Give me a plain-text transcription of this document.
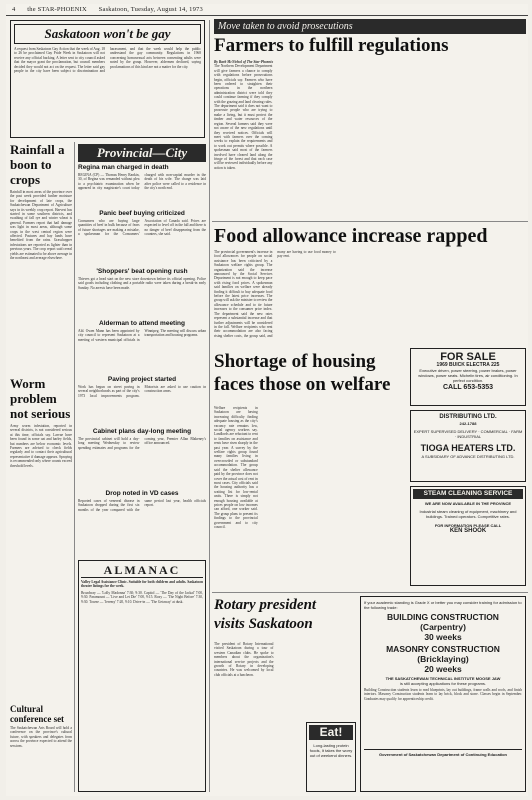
4 the STAR-PHOENIX Saskatoon, Tuesday, August 14, 1973
Saskatoon won't be gay
A request from Saskatoon Gay Action that the week of Aug. 18 to 26 be proclaimed Gay Pride Week in Saskatoon will not receive any official backing. A letter sent to city council asked that the mayor grant the proclamation, but council members decided they would not act on the request. The letter said gay people in the city have been subject to discrimination and harassment, and that the week would help the public understand the gay community. Regulations in 1968 concerning homosexual acts between consenting adults were noted by the group. However, aldermen declined, saying proclamations of this kind are not a matter for the city.
Rainfall a boon to crops
Rainfall in most areas of the province over the past week provided further moisture for development of late crops, the Saskatchewan Department of Agriculture says in its weekly crop report. Harvest has started in some southern districts, and swathing of fall rye and winter wheat is general. Farmers report that hail damage was light in most areas, although some crops in the west central region were affected. Pastures and hay lands have benefited from the rains. Grasshopper infestations are reported as lighter than in previous years. The crop report said cereal yields are estimated to be above average in the northeast and average elsewhere.
Worm problem not serious
Army worm infestation, reported in several districts, is not considered serious at this time, officials say. Larvae have been found in some oat and barley fields, but numbers are below economic levels. Farmers are advised to check fields regularly and to contact their agricultural representative if damage appears. Spraying is recommended only where counts exceed threshold levels.
Cultural conference set
The Saskatchewan Arts Board will hold a conference on the province's cultural future, with speakers and delegates from across the province expected to attend the sessions.
Provincial—City
Regina man charged in death
REGINA (CP) — Thomas Henry Rankin, 30, of Regina was remanded without plea to a psychiatric examination when he appeared in city magistrate's court today charged with non-capital murder in the death of his wife. The charge was laid after police were called to a residence in the city's north end.
Panic beef buying criticized
Consumers who are buying large quantities of beef in bulk because of fears of future shortages are making a mistake, a spokesman for the Consumers' Association of Canada said. Prices are expected to level off in the fall and there is no danger of beef disappearing from the counters, she said.
'Shoppers' beat opening rush
Thieves got a head start on the new store downtown before its official opening. Police said goods including clothing and a portable radio were taken during a break-in early Sunday. No arrests have been made.
Alderman to attend meeting
Ald. Owen Mann has been appointed by city council to represent Saskatoon at a meeting of western municipal officials in Winnipeg. The meeting will discuss urban transportation and housing programs.
Paving project started
Work has begun on street paving in several neighborhoods as part of the city's 1973 local improvements program. Motorists are asked to use caution in construction areas.
Cabinet plans day-long meeting
The provincial cabinet will hold a day-long meeting Wednesday to review spending estimates and programs for the coming year, Premier Allan Blakeney's office announced.
Drop noted in VD cases
Reported cases of venereal disease in Saskatoon dropped during the first six months of the year compared with the same period last year, health officials report.
ALMANAC
Valley Legal Assistance Clinic. Suitable for both children and adults. Saskatoon theatre listings for the week.
Broadway — 'Lolly Madonna' 7:30; 9:30. Capitol — 'The Day of the Jackal' 7:00, 9:30. Paramount — 'Live and Let Die' 7:00, 9:15. Roxy — 'The Night Before' 7:30, 9:30. Towne — 'Jeremy' 7:20, 9:10. Drive-in — 'The Getaway' at dusk.
Move taken to avoid prosecutions
Farmers to fulfill regulations
By Barb McNichol of The Star-Phoenix
The Northern Development Department will give farmers a chance to comply with regulations before prosecutions begin, officials say. Farmers who have been ordered to straighten their operations in the northern administration district were told they could continue farming if they comply with the grazing and land clearing rules. The department said it does not want to prosecute people who are trying to make a living, but it must protect the timber and water resources of the region. Several farmers said they were not aware of the new regulations until they received notices. Officials will meet with farmers over the coming weeks to explain the requirements and to work out permits where possible. A spokesman said most of the farmers involved have cleared land along the fringe of the forest and that each case will be reviewed individually before any action is taken.
Food allowance increase rapped
The provincial government's increase in food allowances for people on social assistance has been criticized by a Saskatoon welfare rights group. The organization said the increase announced by the Social Services Department is not enough to keep pace with rising food prices. A spokesman said families on welfare were already finding it difficult to buy adequate food before the latest price increases. The group will ask the minister to review the allowance schedule and to tie future increases to the consumer price index. The department said the new rates represent a substantial increase and that further adjustments will be considered in the fall. Welfare recipients who rent their accommodation are also facing rising shelter costs, the group said, and many are having to use food money to pay rent.
Shortage of housing faces those on welfare
Welfare recipients in Saskatoon are having increasing difficulty finding adequate housing as the city's vacancy rate remains low, social agency workers say. Landlords are reluctant to rent to families on assistance and rents have risen sharply in the past year. A survey by the welfare rights group found many families living in overcrowded or substandard accommodation. The group said the shelter allowance paid by the province does not cover the actual cost of rent in most cases. City officials said the housing authority has a waiting list for low-rental units. There is simply not enough housing available at prices people on low incomes can afford, one worker said. The group plans to present its findings to the provincial government and to city council.
FOR SALE
1969 BUICK ELECTRA 225
Executive driven, power steering, power brakes, power windows, power seats. Michelin tires, air conditioning. In perfect condition.
CALL 653-5353
DISTRIBUTING LTD.
242-1788
EXPERT SUPERVISED DELIVERY · COMMERCIAL · FARM · INDUSTRIAL
TIOGA HEATERS LTD.
A SUBSIDIARY OF ADVANCE DISTRIBUTING LTD.
STEAM CLEANING SERVICE
WE ARE NOW AVAILABLE IN THE PROVINCE
Industrial steam cleaning of equipment, machinery and buildings. Trained operators. Competitive rates.
FOR INFORMATION PLEASE CALL
KEN SHOOK
Rotary president visits Saskatoon
The president of Rotary International visited Saskatoon during a tour of western Canadian clubs. He spoke to members about the organization's international service projects and the growth of Rotary in developing countries. He was welcomed by local club officials at a luncheon.
Eat!
Long-lasting protein foods, It takes the worry out of weekend dinners.
If your academic standing is Grade X or better you may consider training for admission to the following trade:
BUILDING CONSTRUCTION (Carpentry)
30 weeks
MASONRY CONSTRUCTION (Bricklaying)
20 weeks
THE SASKATCHEWAN TECHNICAL INSTITUTE MOOSE JAW
is still accepting applications for these programs.
Building Construction students learn to read blueprints, lay out buildings, frame walls and roofs, and finish interiors. Masonry Construction students learn to lay brick, block and stone. Classes begin in September. Graduates may qualify for apprenticeship credit.
Government of Saskatchewan Department of Continuing Education
